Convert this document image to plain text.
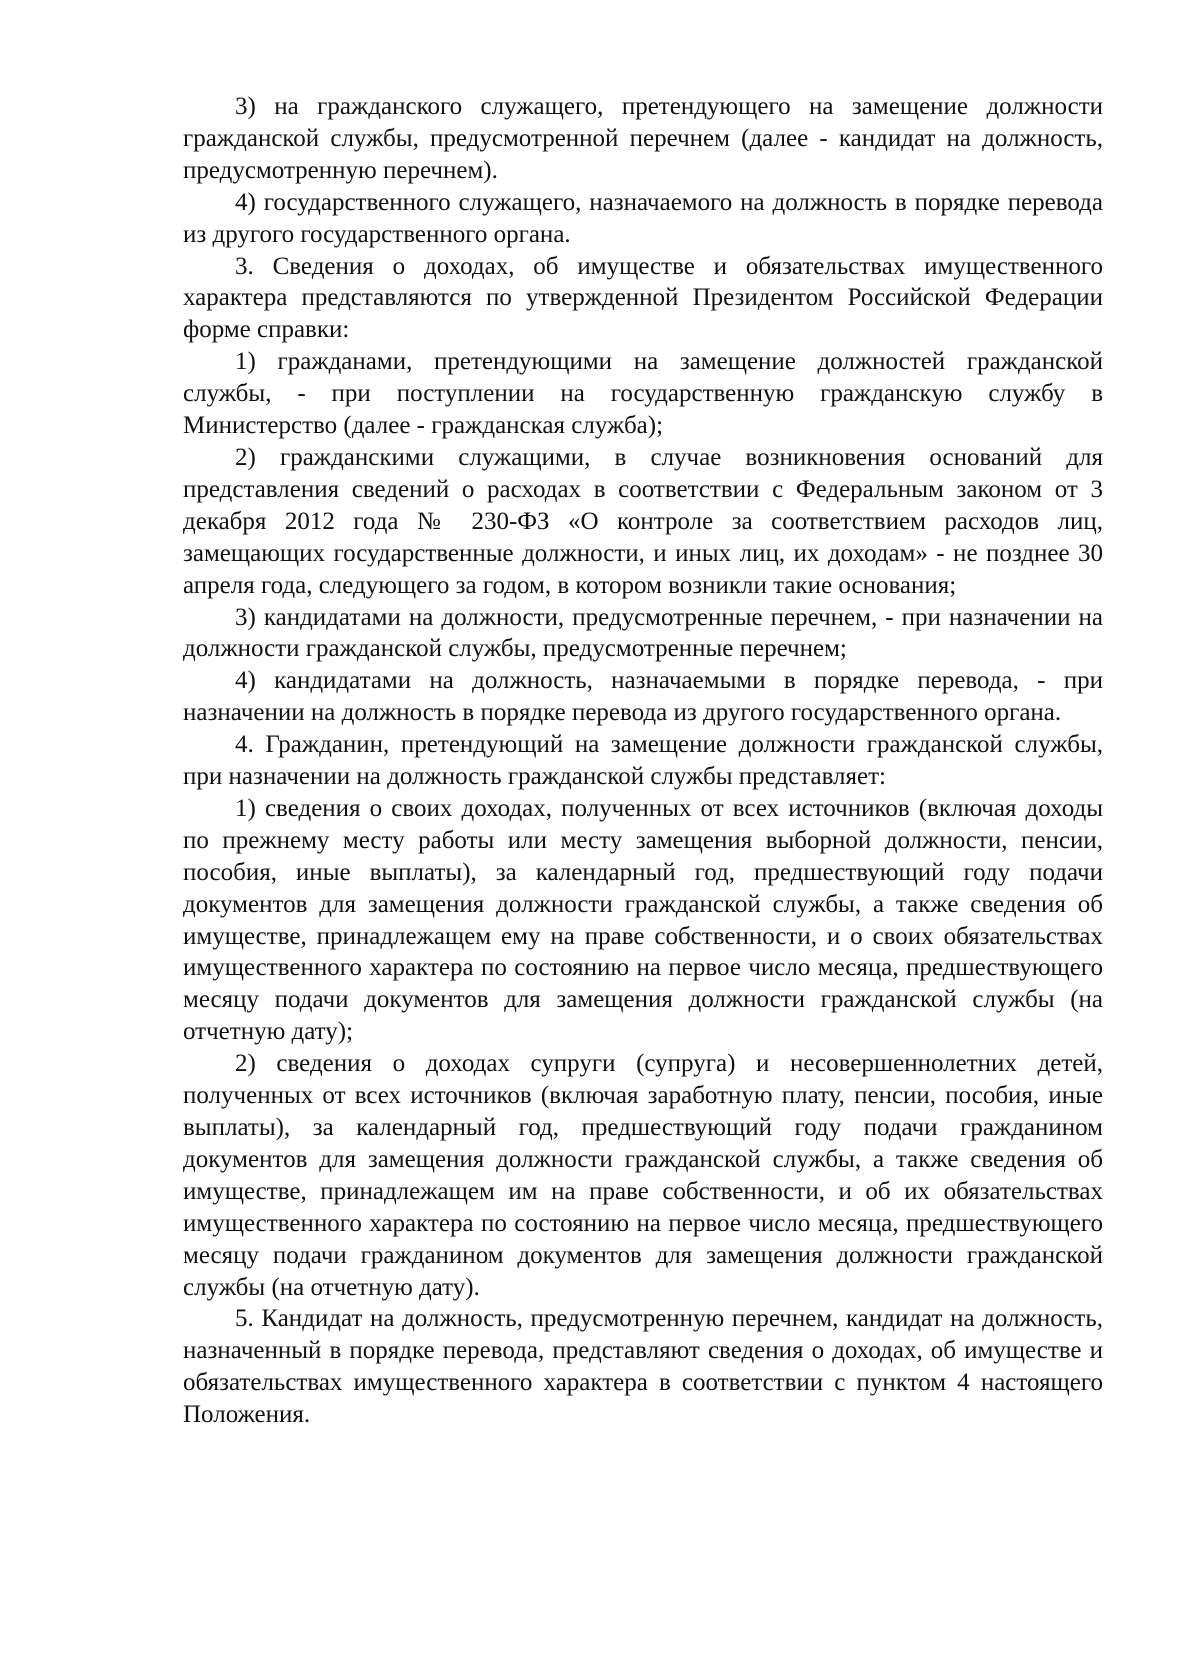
3) на гражданского служащего, претендующего на замещение должности гражданской службы, предусмотренной перечнем (далее - кандидат на должность, предусмотренную перечнем).

4) государственного служащего, назначаемого на должность в порядке перевода из другого государственного органа.

3. Сведения о доходах, об имуществе и обязательствах имущественного характера представляются по утвержденной Президентом Российской Федерации форме справки:

1) гражданами, претендующими на замещение должностей гражданской службы, - при поступлении на государственную гражданскую службу в Министерство (далее - гражданская служба);

2) гражданскими служащими, в случае возникновения оснований для представления сведений о расходах в соответствии с Федеральным законом от 3 декабря 2012 года № 230-ФЗ «О контроле за соответствием расходов лиц, замещающих государственные должности, и иных лиц, их доходам» - не позднее 30 апреля года, следующего за годом, в котором возникли такие основания;

3) кандидатами на должности, предусмотренные перечнем, - при назначении на должности гражданской службы, предусмотренные перечнем;

4) кандидатами на должность, назначаемыми в порядке перевода, - при назначении на должность в порядке перевода из другого государственного органа.

4. Гражданин, претендующий на замещение должности гражданской службы, при назначении на должность гражданской службы представляет:

1) сведения о своих доходах, полученных от всех источников (включая доходы по прежнему месту работы или месту замещения выборной должности, пенсии, пособия, иные выплаты), за календарный год, предшествующий году подачи документов для замещения должности гражданской службы, а также сведения об имуществе, принадлежащем ему на праве собственности, и о своих обязательствах имущественного характера по состоянию на первое число месяца, предшествующего месяцу подачи документов для замещения должности гражданской службы (на отчетную дату);

2) сведения о доходах супруги (супруга) и несовершеннолетних детей, полученных от всех источников (включая заработную плату, пенсии, пособия, иные выплаты), за календарный год, предшествующий году подачи гражданином документов для замещения должности гражданской службы, а также сведения об имуществе, принадлежащем им на праве собственности, и об их обязательствах имущественного характера по состоянию на первое число месяца, предшествующего месяцу подачи гражданином документов для замещения должности гражданской службы (на отчетную дату).

5. Кандидат на должность, предусмотренную перечнем, кандидат на должность, назначенный в порядке перевода, представляют сведения о доходах, об имуществе и обязательствах имущественного характера в соответствии с пунктом 4 настоящего Положения.
